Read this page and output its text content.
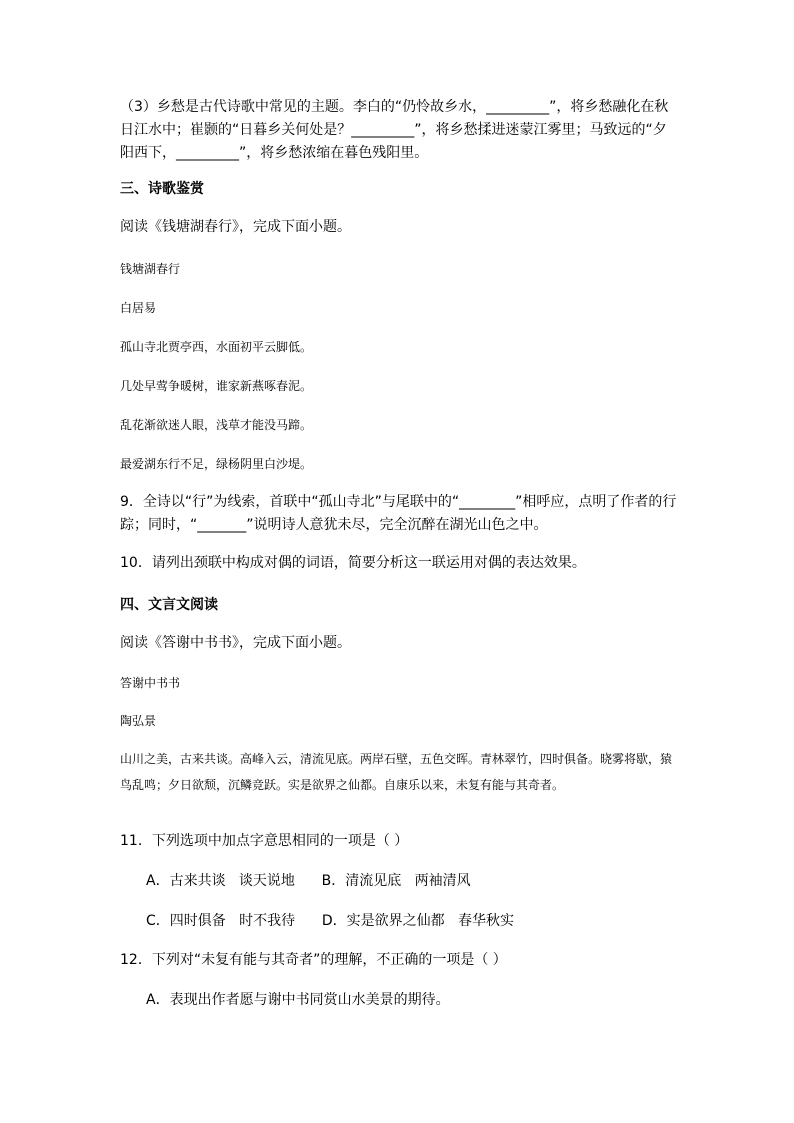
（3）乡愁是古代诗歌中常见的主题。李白的“仍怜故乡水，_________”，将乡愁融化在秋日江水中；崔颢的“日暮乡关何处是？_________”，将乡愁揉进迷蒙江雾里；马致远的“夕阳西下，_________”，将乡愁浓缩在暮色残阳里。

三、诗歌鉴赏

阅读《钱塘湖春行》，完成下面小题。

钱塘湖春行

白居易

孤山寺北贾亭西，水面初平云脚低。

几处早莺争暖树，谁家新燕啄春泥。

乱花渐欲迷人眼，浅草才能没马蹄。

最爱湖东行不足，绿杨阴里白沙堤。

9．全诗以“行”为线索，首联中“孤山寺北”与尾联中的“________”相呼应，点明了作者的行踪；同时，“_______”说明诗人意犹未尽，完全沉醉在湖光山色之中。

10．请列出颈联中构成对偶的词语，简要分析这一联运用对偶的表达效果。

四、文言文阅读

阅读《答谢中书书》，完成下面小题。

答谢中书书

陶弘景

山川之美，古来共谈。高峰入云，清流见底。两岸石壁，五色交晖。青林翠竹，四时俱备。晓雾将歇，猿鸟乱鸣；夕日欲颓，沉鳞竞跃。实是欲界之仙都。自康乐以来，未复有能与其奇者。

11．下列选项中加点字意思相同的一项是（ ）

A．古来共谈   谈天说地      B．清流见底   两袖清风
C．四时俱备   时不我待      D．实是欲界之仙都   春华秋实

12．下列对“未复有能与其奇者”的理解，不正确的一项是（ ）

A．表现出作者愿与谢中书同赏山水美景的期待。
